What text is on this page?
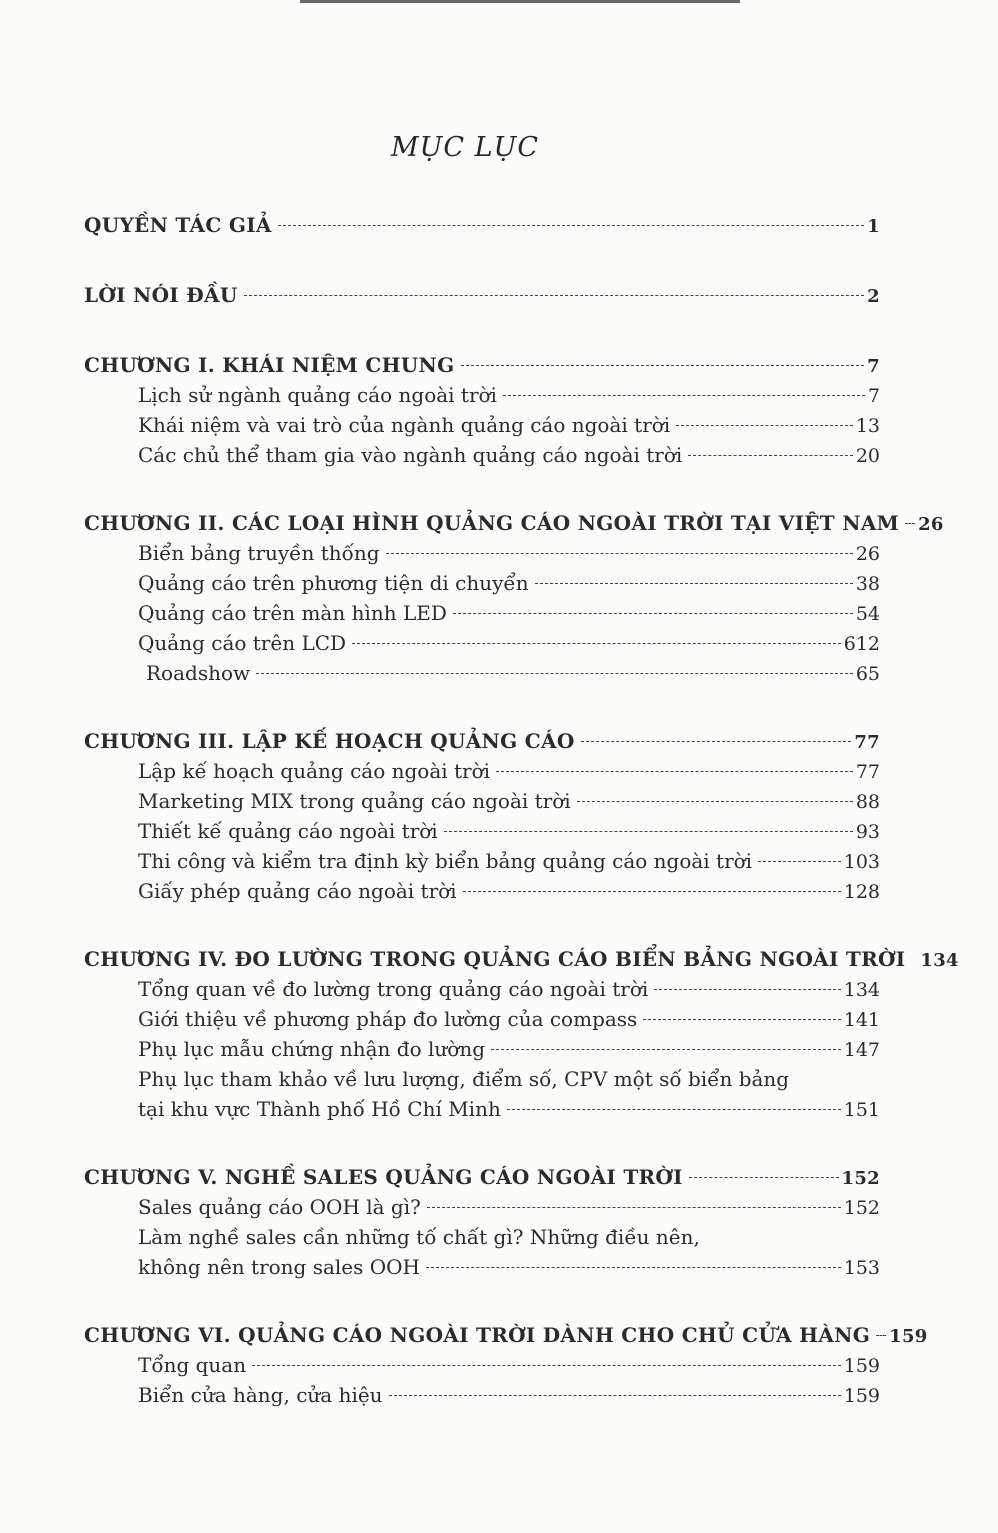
MỤC LỤC
QUYỀN TÁC GIẢ	1
LỜI NÓI ĐẦU	2
CHƯƠNG I. KHÁI NIỆM CHUNG	7
Lịch sử ngành quảng cáo ngoài trời	7
Khái niệm và vai trò của ngành quảng cáo ngoài trời	13
Các chủ thể tham gia vào ngành quảng cáo ngoài trời	20
CHƯƠNG II. CÁC LOẠI HÌNH QUẢNG CÁO NGOÀI TRỜI TẠI VIỆT NAM 26
Biển bảng truyền thống	26
Quảng cáo trên phương tiện di chuyển	38
Quảng cáo trên màn hình LED	54
Quảng cáo trên LCD	612
Roadshow	65
CHƯƠNG III. LẬP KẾ HOẠCH QUẢNG CÁO	77
Lập kế hoạch quảng cáo ngoài trời	77
Marketing MIX trong quảng cáo ngoài trời	88
Thiết kế quảng cáo ngoài trời	93
Thi công và kiểm tra định kỳ biển bảng quảng cáo ngoài trời	103
Giấy phép quảng cáo ngoài trời	128
CHƯƠNG IV. ĐO LƯỜNG TRONG QUẢNG CÁO BIỂN BẢNG NGOÀI TRỜI 134
Tổng quan về đo lường trong quảng cáo ngoài trời	134
Giới thiệu về phương pháp đo lường của compass	141
Phụ lục mẫu chứng nhận đo lường	147
Phụ lục tham khảo về lưu lượng, điểm số, CPV một số biển bảng
tại khu vực Thành phố Hồ Chí Minh	151
CHƯƠNG V. NGHỀ SALES QUẢNG CÁO NGOÀI TRỜI	152
Sales quảng cáo OOH là gì?	152
Làm nghề sales cần những tố chất gì? Những điều nên,
không nên trong sales OOH	153
CHƯƠNG VI. QUẢNG CÁO NGOÀI TRỜI DÀNH CHO CHỦ CỬA HÀNG 159
Tổng quan	159
Biển cửa hàng, cửa hiệu	159
